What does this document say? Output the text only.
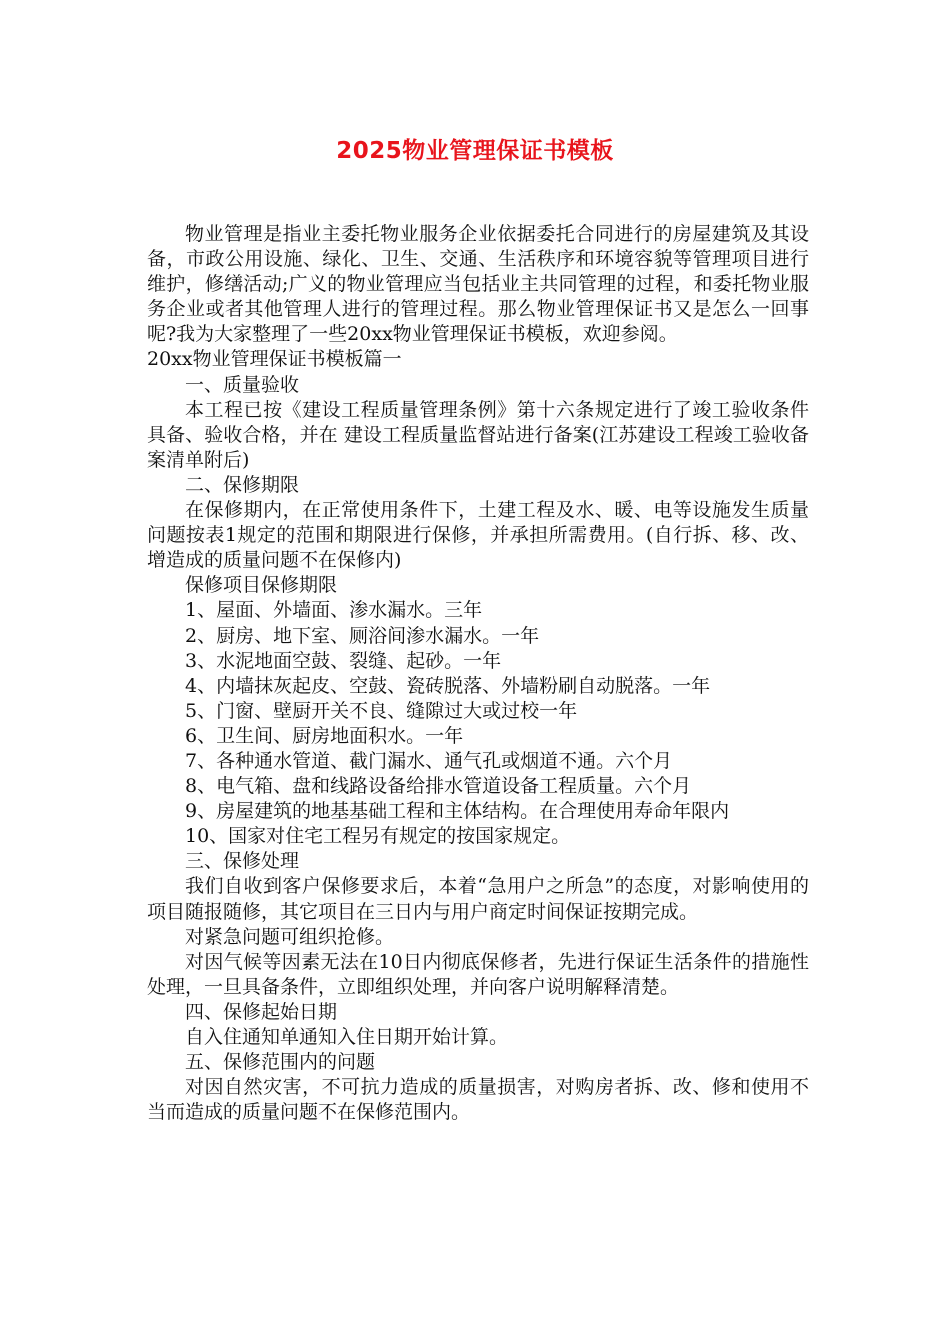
2025物业管理保证书模板

物业管理是指业主委托物业服务企业依据委托合同进行的房屋建筑及其设备，市政公用设施、绿化、卫生、交通、生活秩序和环境容貌等管理项目进行维护，修缮活动;广义的物业管理应当包括业主共同管理的过程，和委托物业服务企业或者其他管理人进行的管理过程。那么物业管理保证书又是怎么一回事呢?我为大家整理了一些20xx物业管理保证书模板，欢迎参阅。

20xx物业管理保证书模板篇一

一、质量验收

本工程已按《建设工程质量管理条例》第十六条规定进行了竣工验收条件具备、验收合格，并在 建设工程质量监督站进行备案(江苏建设工程竣工验收备案清单附后)

二、保修期限

在保修期内，在正常使用条件下，土建工程及水、暖、电等设施发生质量问题按表1规定的范围和期限进行保修，并承担所需费用。(自行拆、移、改、增造成的质量问题不在保修内)

保修项目保修期限

1、屋面、外墙面、渗水漏水。三年

2、厨房、地下室、厕浴间渗水漏水。一年

3、水泥地面空鼓、裂缝、起砂。一年

4、内墙抹灰起皮、空鼓、瓷砖脱落、外墙粉刷自动脱落。一年

5、门窗、壁厨开关不良、缝隙过大或过校一年

6、卫生间、厨房地面积水。一年

7、各种通水管道、截门漏水、通气孔或烟道不通。六个月

8、电气箱、盘和线路设备给排水管道设备工程质量。六个月

9、房屋建筑的地基基础工程和主体结构。在合理使用寿命年限内

10、国家对住宅工程另有规定的按国家规定。

三、保修处理

我们自收到客户保修要求后，本着“急用户之所急”的态度，对影响使用的项目随报随修，其它项目在三日内与用户商定时间保证按期完成。

对紧急问题可组织抢修。

对因气候等因素无法在10日内彻底保修者，先进行保证生活条件的措施性处理，一旦具备条件，立即组织处理，并向客户说明解释清楚。

四、保修起始日期

自入住通知单通知入住日期开始计算。

五、保修范围内的问题

对因自然灾害，不可抗力造成的质量损害，对购房者拆、改、修和使用不当而造成的质量问题不在保修范围内。
